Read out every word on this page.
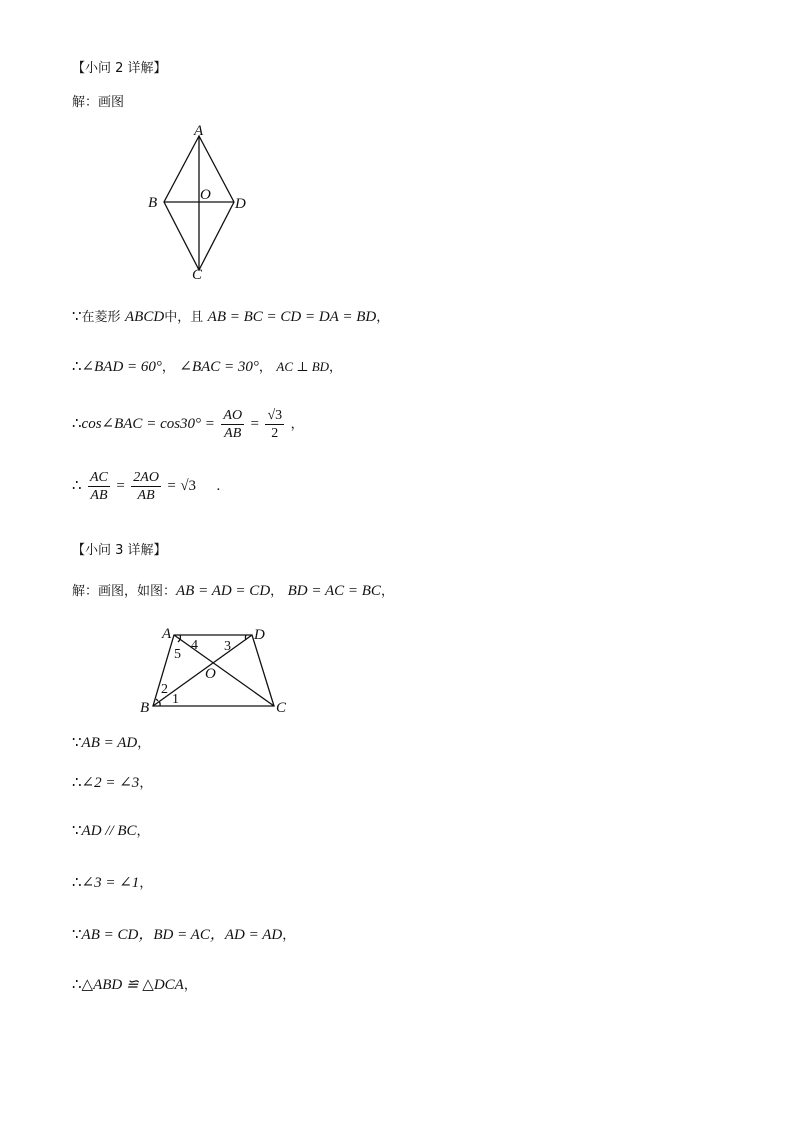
【小问 2 详解】
解：画图
A
B	D
O
C
∵在菱形 ABCD中，且 AB = BC = CD = DA = BD，
∴∠BAD = 60°， ∠BAC = 30°， AC ⊥ BD，
∴cos∠BAC = $\cos 30^\circ = \frac{AO}{AB} = \frac{√3}{2}$ ，
∴ $\frac{AC}{AB} = \frac{2AO}{AB} = √3$ .
【小问 3 详解】
解：画图，如图：AB = AD = CD， BD = AC = BC，
A	D
B	C
O
1
2
3
4
5
∵AB = AD，
∴∠2 = ∠3，
∵AD // BC，
∴∠3 = ∠1，
∵AB = CD，BD = AC，AD = AD，
∴△ABD ≌ △DCA，
